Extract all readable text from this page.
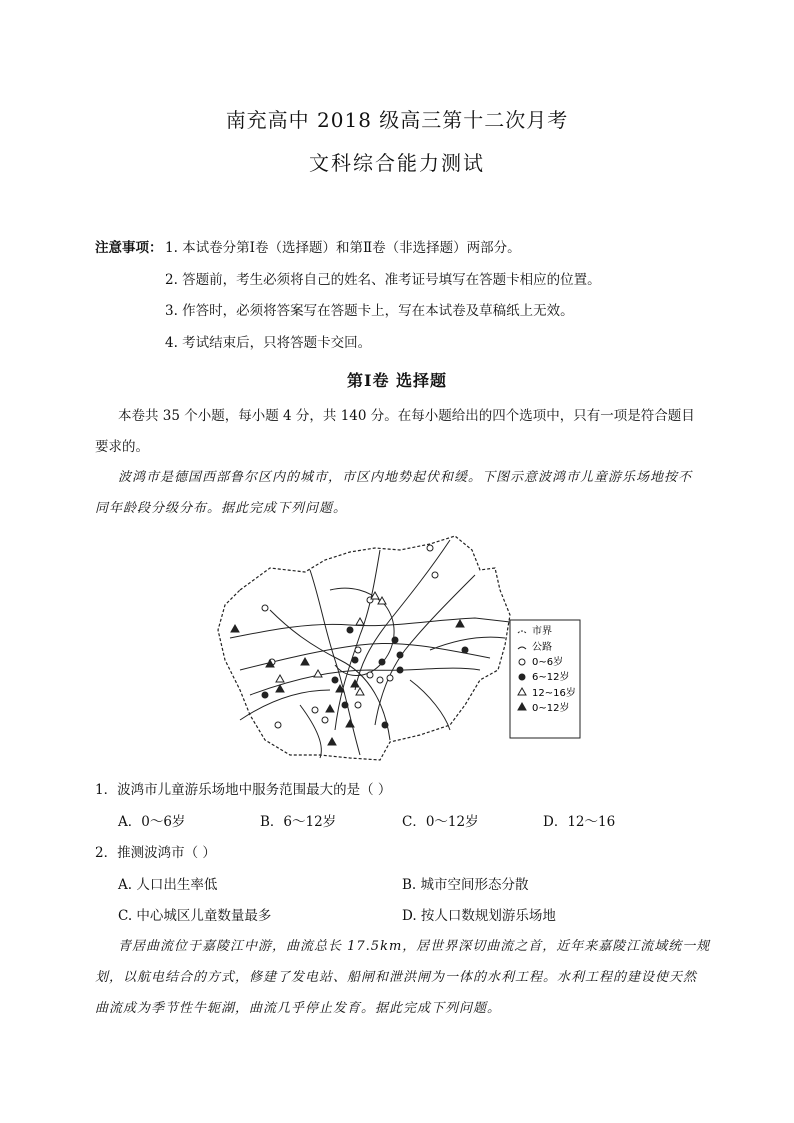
南充高中 2018 级高三第十二次月考
文科综合能力测试
注意事项： 1. 本试卷分第Ⅰ卷（选择题）和第Ⅱ卷（非选择题）两部分。
2. 答题前，考生必须将自己的姓名、准考证号填写在答题卡相应的位置。
3. 作答时，必须将答案写在答题卡上，写在本试卷及草稿纸上无效。
4. 考试结束后，只将答题卡交回。
第Ⅰ卷 选择题
本卷共 35 个小题，每小题 4 分，共 140 分。在每小题给出的四个选项中，只有一项是符合题目
要求的。
波鸿市是德国西部鲁尔区内的城市，市区内地势起伏和缓。下图示意波鸿市儿童游乐场地按不
同年龄段分级分布。据此完成下列问题。
市界
公路
0~6岁
6~12岁
12~16岁
0~12岁
1．波鸿市儿童游乐场地中服务范围最大的是（ ）
A．0～6岁	B．6～12岁	C．0～12岁	D．12～16
2．推测波鸿市（ ）
A. 人口出生率低	B. 城市空间形态分散
C. 中心城区儿童数量最多	D. 按人口数规划游乐场地
青居曲流位于嘉陵江中游，曲流总长 17.5km，居世界深切曲流之首，近年来嘉陵江流域统一规
划，以航电结合的方式，修建了发电站、船闸和泄洪闸为一体的水利工程。水利工程的建设使天然
曲流成为季节性牛轭湖，曲流几乎停止发育。据此完成下列问题。
